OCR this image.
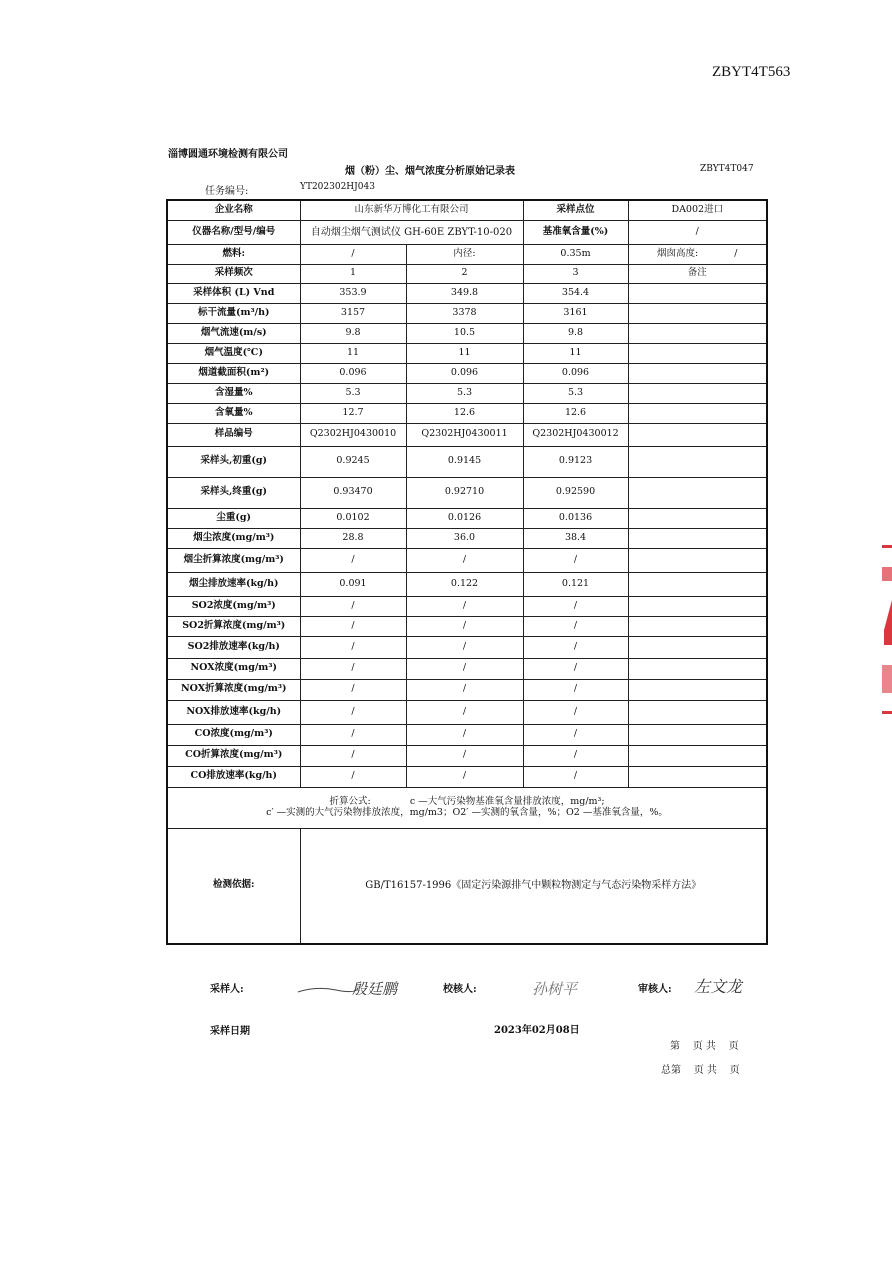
ZBYT4T563
淄博圆通环境检测有限公司
烟（粉）尘、烟气浓度分析原始记录表	ZBYT4T047
任务编号:	YT202302HJ043
企业名称	山东新华万博化工有限公司		采样点位	DA002进口
仪器名称/型号/编号	自动烟尘烟气测试仪 GH-60E ZBYT-10-020		基准氧含量(%)	/
燃料:	/	内径:	0.35m	烟囱高度: /
采样频次	1	2	3	备注
采样体积 (L) Vnd	353.9	349.8	354.4	
标干流量(m³/h)	3157	3378	3161	
烟气流速(m/s)	9.8	10.5	9.8	
烟气温度(℃)	11	11	11	
烟道截面积(m²)	0.096	0.096	0.096	
含湿量%	5.3	5.3	5.3	
含氧量%	12.7	12.6	12.6	
样品编号	Q2302HJ0430010	Q2302HJ0430011	Q2302HJ0430012	
采样头,初重(g)	0.9245	0.9145	0.9123	
采样头,终重(g)	0.93470	0.92710	0.92590	
尘重(g)	0.0102	0.0126	0.0136	
烟尘浓度(mg/m³)	28.8	36.0	38.4	
烟尘折算浓度(mg/m³)	/	/	/	
烟尘排放速率(kg/h)	0.091	0.122	0.121	
SO2浓度(mg/m³)	/	/	/	
SO2折算浓度(mg/m³)	/	/	/	
SO2排放速率(kg/h)	/	/	/	
NOX浓度(mg/m³)	/	/	/	
NOX折算浓度(mg/m³)	/	/	/	
NOX排放速率(kg/h)	/	/	/	
CO浓度(mg/m³)	/	/	/	
CO折算浓度(mg/m³)	/	/	/	
CO排放速率(kg/h)	/	/	/	

折算公式:             c —大气污染物基准氧含量排放浓度，mg/m³;
c′ —实测的大气污染物排放浓度，mg/m3；O2′ —实测的氧含量，%；O2 —基准氧含量，%。				

检测依据:	GB/T16157-1996《固定污染源排气中颗粒物测定与气态污染物采样方法》			
采样人:	殷廷鹏	校核人:	孙树平	审核人: 左文龙
采样日期	2023年02月08日
第    页 共    页
总第    页 共    页
